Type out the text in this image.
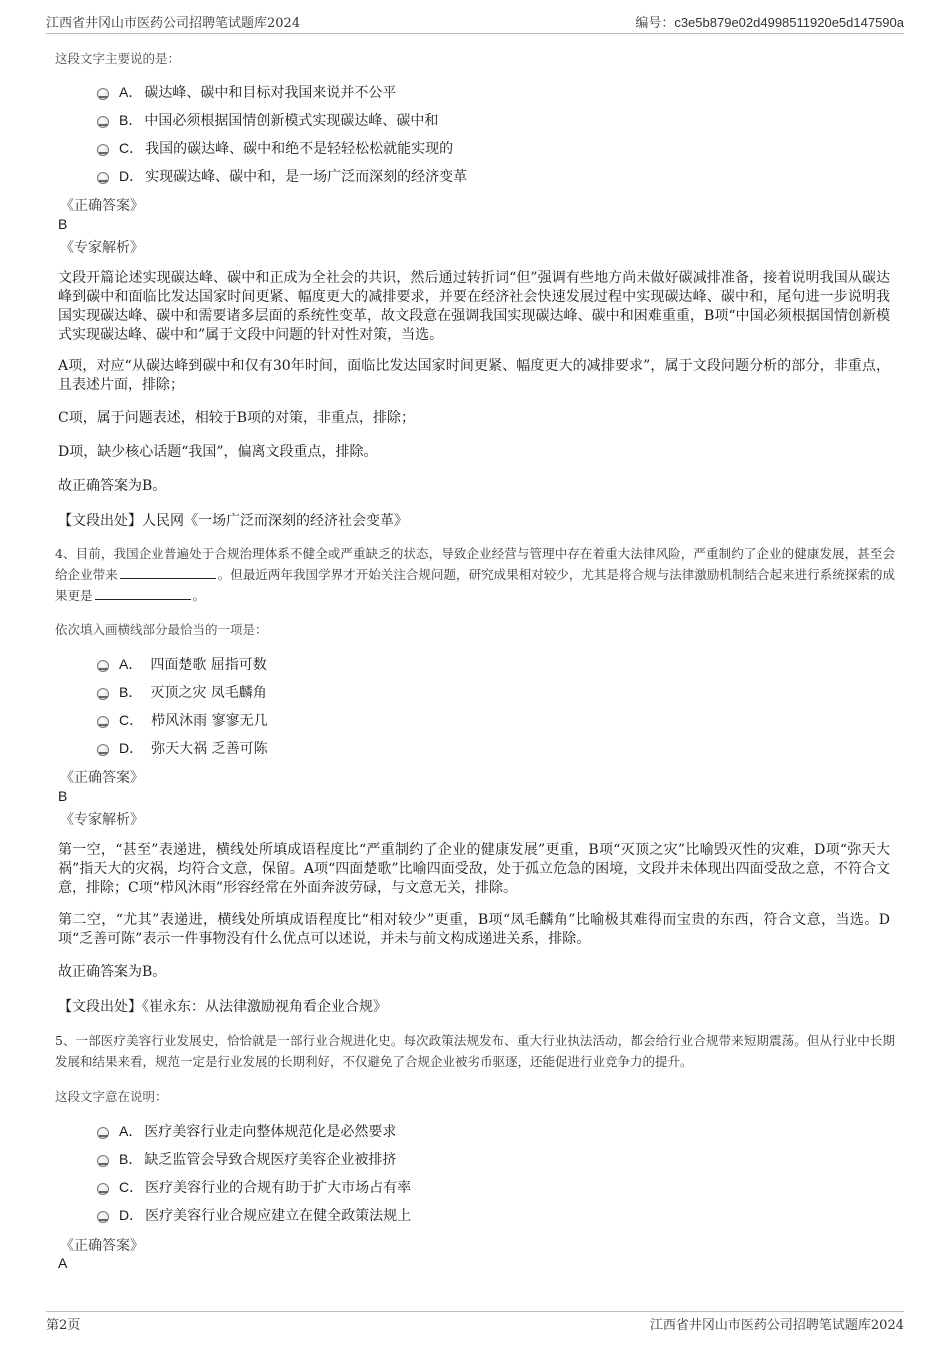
江西省井冈山市医药公司招聘笔试题库2024	编号：c3e5b879e02d4998511920e5d147590a
这段文字主要说的是：
A． 碳达峰、碳中和目标对我国来说并不公平
B． 中国必须根据国情创新模式实现碳达峰、碳中和
C． 我国的碳达峰、碳中和绝不是轻轻松松就能实现的
D． 实现碳达峰、碳中和，是一场广泛而深刻的经济变革
《正确答案》
B
《专家解析》
文段开篇论述实现碳达峰、碳中和正成为全社会的共识，然后通过转折词“但”强调有些地方尚未做好碳减排准备，接着说明我国从碳达峰到碳中和面临比发达国家时间更紧、幅度更大的减排要求，并要在经济社会快速发展过程中实现碳达峰、碳中和，尾句进一步说明我国实现碳达峰、碳中和需要诸多层面的系统性变革，故文段意在强调我国实现碳达峰、碳中和困难重重，B项“中国必须根据国情创新模式实现碳达峰、碳中和”属于文段中问题的针对性对策，当选。
A项，对应“从碳达峰到碳中和仅有30年时间，面临比发达国家时间更紧、幅度更大的减排要求”，属于文段问题分析的部分，非重点，且表述片面，排除；
C项，属于问题表述，相较于B项的对策，非重点，排除；
D项，缺少核心话题“我国”，偏离文段重点，排除。
故正确答案为B。
【文段出处】人民网《一场广泛而深刻的经济社会变革》
4、目前，我国企业普遍处于合规治理体系不健全或严重缺乏的状态，导致企业经营与管理中存在着重大法律风险，严重制约了企业的健康发展，甚至会给企业带来	。但最近两年我国学界才开始关注合规问题，研究成果相对较少，尤其是将合规与法律激励机制结合起来进行系统探索的成果更是	。
依次填入画横线部分最恰当的一项是：
A． 四面楚歌 屈指可数
B． 灭顶之灾 凤毛麟角
C． 栉风沐雨 寥寥无几
D． 弥天大祸 乏善可陈
《正确答案》
B
《专家解析》
第一空，“甚至”表递进，横线处所填成语程度比“严重制约了企业的健康发展”更重，B项“灭顶之灾”比喻毁灭性的灾难，D项“弥天大祸”指天大的灾祸，均符合文意，保留。A项“四面楚歌”比喻四面受敌，处于孤立危急的困境，文段并未体现出四面受敌之意，不符合文意，排除；C项“栉风沐雨”形容经常在外面奔波劳碌，与文意无关，排除。
第二空，“尤其”表递进，横线处所填成语程度比“相对较少”更重，B项“凤毛麟角”比喻极其难得而宝贵的东西，符合文意，当选。D项“乏善可陈”表示一件事物没有什么优点可以述说，并未与前文构成递进关系，排除。
故正确答案为B。
【文段出处】《崔永东：从法律激励视角看企业合规》
5、一部医疗美容行业发展史，恰恰就是一部行业合规进化史。每次政策法规发布、重大行业执法活动，都会给行业合规带来短期震荡。但从行业中长期发展和结果来看，规范一定是行业发展的长期利好，不仅避免了合规企业被劣币驱逐，还能促进行业竞争力的提升。
这段文字意在说明：
A． 医疗美容行业走向整体规范化是必然要求
B． 缺乏监管会导致合规医疗美容企业被排挤
C． 医疗美容行业的合规有助于扩大市场占有率
D． 医疗美容行业合规应建立在健全政策法规上
《正确答案》
A
第2页	江西省井冈山市医药公司招聘笔试题库2024
